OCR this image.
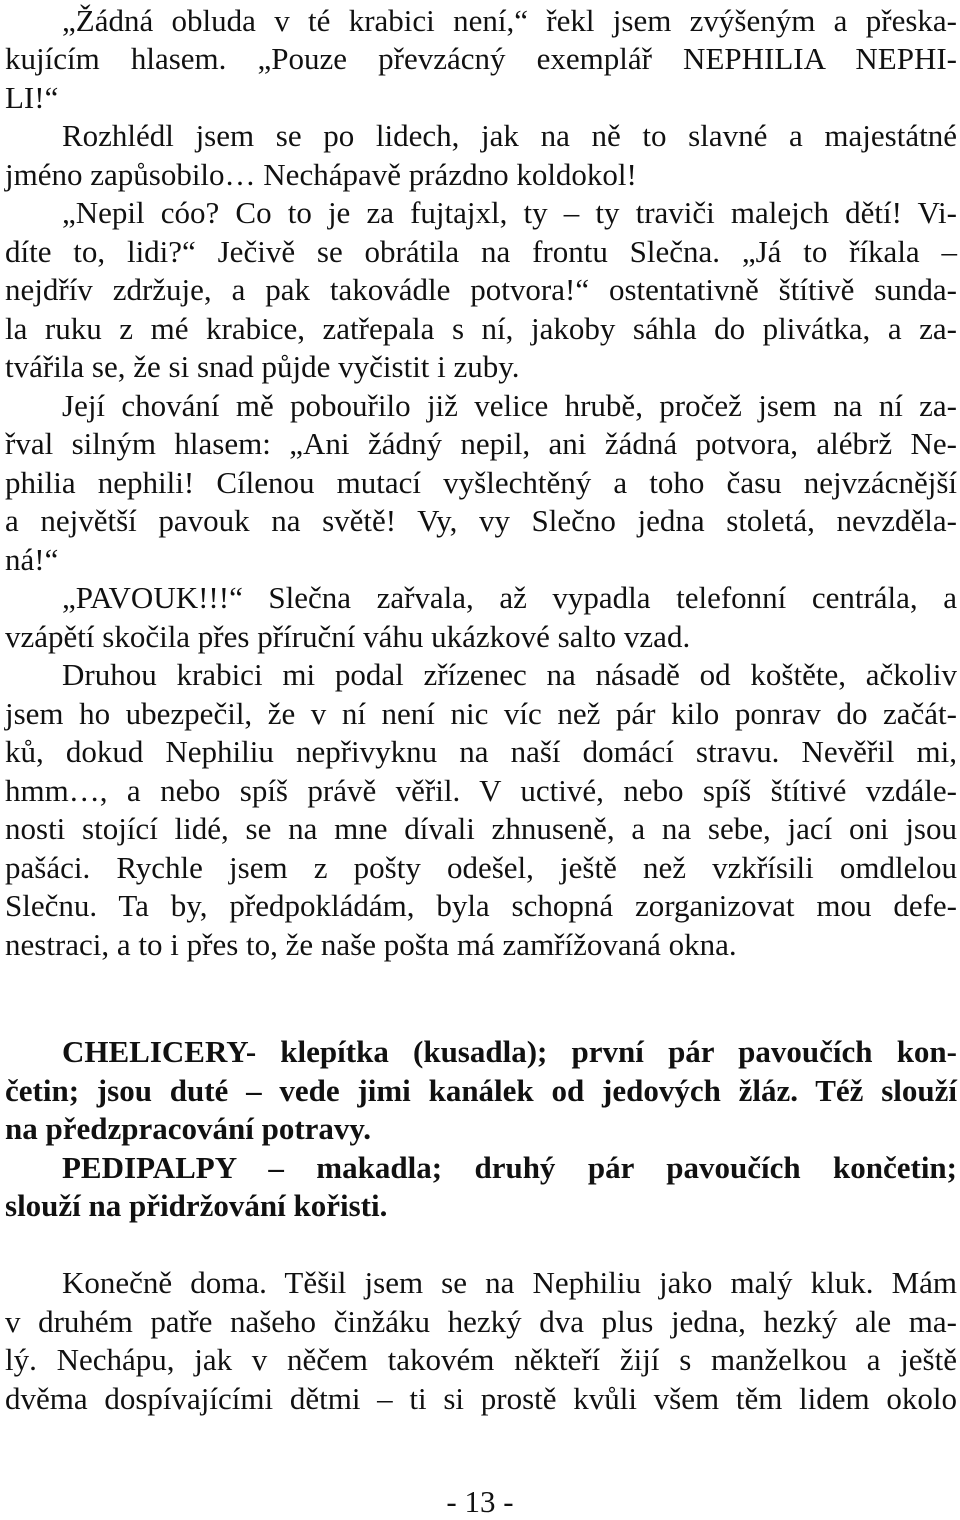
„Žádná obluda v té krabici není,“ řekl jsem zvýšeným a přeska-
kujícím hlasem. „Pouze převzácný exemplář NEPHILIA NEPHI-
LI!“
Rozhlédl jsem se po lidech, jak na ně to slavné a majestátné
jméno zapůsobilo… Nechápavě prázdno koldokol!
„Nepil cóo? Co to je za fujtajxl, ty – ty traviči malejch dětí! Vi-
díte to, lidi?“ Ječivě se obrátila na frontu Slečna. „Já to říkala –
nejdřív zdržuje, a pak takovádle potvora!“ ostentativně štítivě sunda-
la ruku z mé krabice, zatřepala s ní, jakoby sáhla do plivátka, a za-
tvářila se, že si snad půjde vyčistit i zuby.
Její chování mě pobouřilo již velice hrubě, pročež jsem na ní za-
řval silným hlasem: „Ani žádný nepil, ani žádná potvora, alébrž Ne-
philia nephili! Cílenou mutací vyšlechtěný a toho času nejvzácnější
a největší pavouk na světě! Vy, vy Slečno jedna stoletá, nevzděla-
ná!“
„PAVOUK!!!“ Slečna zařvala, až vypadla telefonní centrála, a
vzápětí skočila přes příruční váhu ukázkové salto vzad.
Druhou krabici mi podal zřízenec na násadě od koštěte, ačkoliv
jsem ho ubezpečil, že v ní není nic víc než pár kilo ponrav do začát-
ků, dokud Nephiliu nepřivyknu na naší domácí stravu. Nevěřil mi,
hmm…, a nebo spíš právě věřil. V uctivé, nebo spíš štítivé vzdále-
nosti stojící lidé, se na mne dívali zhnuseně, a na sebe, jací oni jsou
pašáci. Rychle jsem z pošty odešel, ještě než vzkřísili omdlelou
Slečnu. Ta by, předpokládám, byla schopná zorganizovat mou defe-
nestraci, a to i přes to, že naše pošta má zamřížovaná okna.
CHELICERY- klepítka (kusadla); první pár pavoučích kon-
četin; jsou duté – vede jimi kanálek od jedových žláz. Též slouží
na předzpracování potravy.
PEDIPALPY – makadla; druhý pár pavoučích končetin;
slouží na přidržování kořisti.
Konečně doma. Těšil jsem se na Nephiliu jako malý kluk. Mám
v druhém patře našeho činžáku hezký dva plus jedna, hezký ale ma-
lý. Nechápu, jak v něčem takovém někteří žijí s manželkou a ještě
dvěma dospívajícími dětmi – ti si prostě kvůli všem těm lidem okolo
- 13 -
